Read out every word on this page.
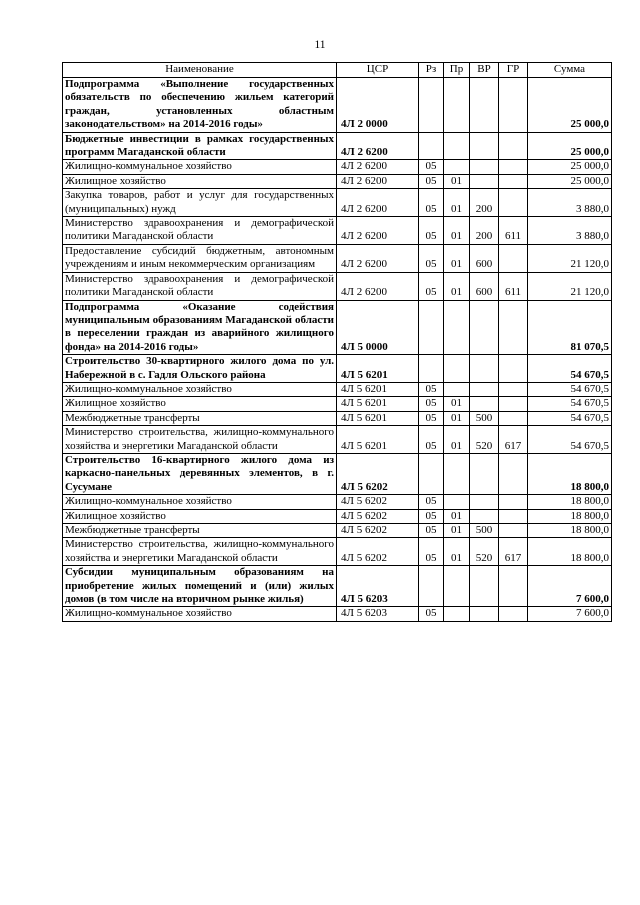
11
Наименование	ЦСР	Рз	Пр	ВР	ГР	Сумма
Подпрограмма «Выполнение государственных обязательств по обеспечению жильем категорий граждан, установленных областным законодательством» на 2014-2016 годы»	4Л 2 0000					25 000,0
Бюджетные инвестиции в рамках государственных программ Магаданской области	4Л 2 6200					25 000,0
Жилищно-коммунальное хозяйство	4Л 2 6200	05				25 000,0
Жилищное хозяйство	4Л 2 6200	05	01			25 000,0
Закупка товаров, работ и услуг для государственных (муниципальных) нужд	4Л 2 6200	05	01	200		3 880,0
Министерство здравоохранения и демографической политики Магаданской области	4Л 2 6200	05	01	200	611	3 880,0
Предоставление субсидий бюджетным, автономным учреждениям и иным некоммерческим организациям	4Л 2 6200	05	01	600		21 120,0
Министерство здравоохранения и демографической политики Магаданской области	4Л 2 6200	05	01	600	611	21 120,0
Подпрограмма «Оказание содействия муниципальным образованиям Магаданской области в переселении граждан из аварийного жилищного фонда» на 2014-2016 годы»	4Л 5 0000					81 070,5
Строительство 30-квартирного жилого дома по ул. Набережной в с. Гадля Ольского района	4Л 5 6201					54 670,5
Жилищно-коммунальное хозяйство	4Л 5 6201	05				54 670,5
Жилищное хозяйство	4Л 5 6201	05	01			54 670,5
Межбюджетные трансферты	4Л 5 6201	05	01	500		54 670,5
Министерство строительства, жилищно-коммунального хозяйства и энергетики Магаданской области	4Л 5 6201	05	01	520	617	54 670,5
Строительство 16-квартирного жилого дома из каркасно-панельных деревянных элементов, в г. Сусумане	4Л 5 6202					18 800,0
Жилищно-коммунальное хозяйство	4Л 5 6202	05				18 800,0
Жилищное хозяйство	4Л 5 6202	05	01			18 800,0
Межбюджетные трансферты	4Л 5 6202	05	01	500		18 800,0
Министерство строительства, жилищно-коммунального хозяйства и энергетики Магаданской области	4Л 5 6202	05	01	520	617	18 800,0
Субсидии муниципальным образованиям на приобретение жилых помещений и (или) жилых домов (в том числе на вторичном рынке жилья)	4Л 5 6203					7 600,0
Жилищно-коммунальное хозяйство	4Л 5 6203	05				7 600,0
